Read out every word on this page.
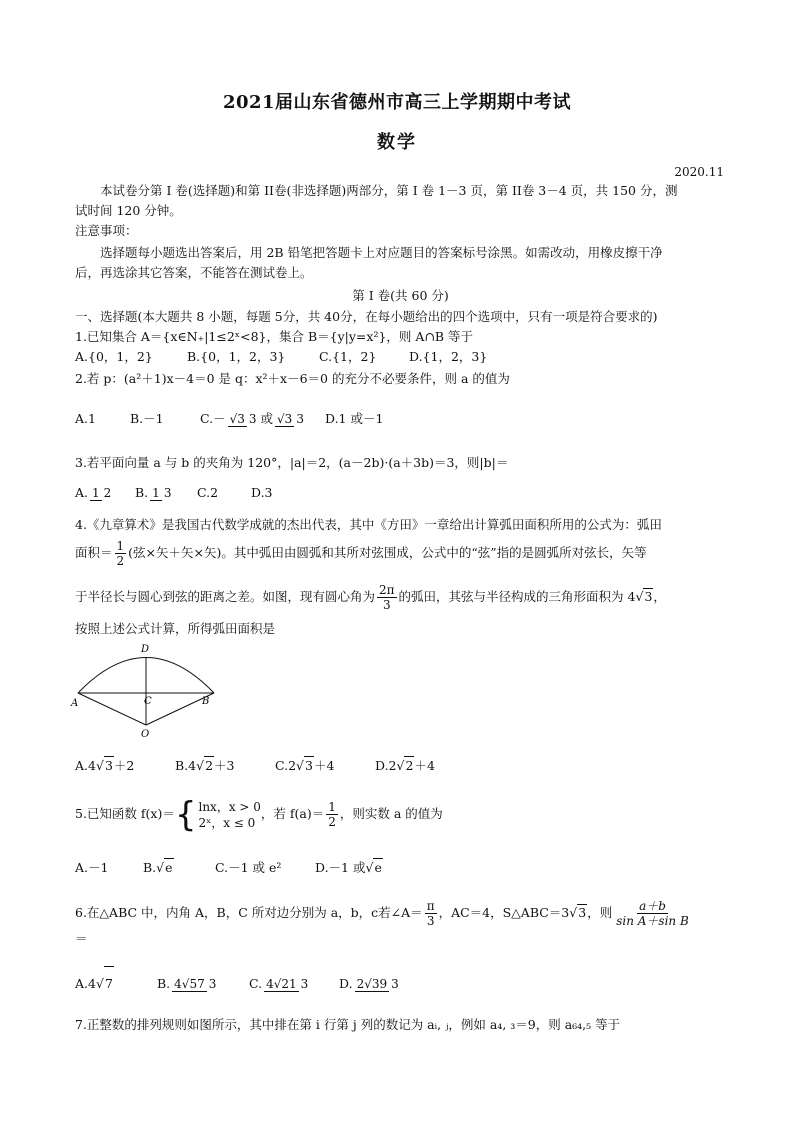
2021届山东省德州市高三上学期期中考试
数学
2020.11
本试卷分第 I 卷(选择题)和第 II卷(非选择题)两部分，第 I 卷 1－3 页，第 II卷 3－4 页，共 150 分，测
试时间 120 分钟。
注意事项：
选择题每小题选出答案后，用 2B 铅笔把答题卡上对应题目的答案标号涂黑。如需改动，用橡皮擦干净
后，再选涂其它答案，不能答在测试卷上。
第 I 卷(共 60 分)
一、选择题(本大题共 8 小题，每题 5分，共 40分，在每小题给出的四个选项中，只有一项是符合要求的)
1.已知集合 A＝{x∈N₊|1≤2ˣ<8}，集合 B＝{y|y=x²}，则 A∩B 等于
A.{0，1，2}	B.{0，1，2，3}	C.{1，2}	D.{1，2，3}
2.若 p：(a²＋1)x－4＝0 是 q：x²＋x－6＝0 的充分不必要条件，则 a 的值为
A.1	B.－1	C.－ √3 3 或 √3 3 D.1 或－1
3.若平面向量 a 与 b 的夹角为 120°，|a|＝2，(a－2b)·(a＋3b)＝3，则|b|＝
A. 1 2 B. 1 3 C.2	D.3
4.《九章算术》是我国古代数学成就的杰出代表，其中《方田》一章给出计算弧田面积所用的公式为：弧田
面积＝ $\frac{1}{2}$ (弦×矢＋矢×矢)。其中弧田由圆弧和其所对弦围成，公式中的“弦”指的是圆弧所对弦长，矢等
于半径长与圆心到弦的距离之差。如图，现有圆心角为 $\frac{2\pi}{3}$ 的弧田，其弦与半径构成的三角形面积为 4√3，
按照上述公式计算，所得弧田面积是
D
A	C	B
O
A.4√3＋2	B.4√2＋3	C.2√3＋4	D.2√2＋4
5.已知函数 f(x)＝ { lnx，x > 0
2ˣ，x ≤ 0
，若 $f(a)= \frac{1}{2}$ ，则实数 a 的值为
A.－1	B.√e	C.－1 或 e²	D.－1 或√e
6.在△ABC 中，内角 A，B，C 所对边分别为 a，b，c若∠A＝ $\frac{\pi}{3}$ ，AC＝4，S△ABC＝3√3，则 $\frac{a+b}{\text{sin A＋sin B}}$
＝
A.4√7	B. 4√57 3	C. 4√21 3 D. 2√39 3
7.正整数的排列规则如图所示，其中排在第 i 行第 j 列的数记为 aᵢ, ⱼ，例如 a₄, ₃＝9，则 a₆₄,₅ 等于
